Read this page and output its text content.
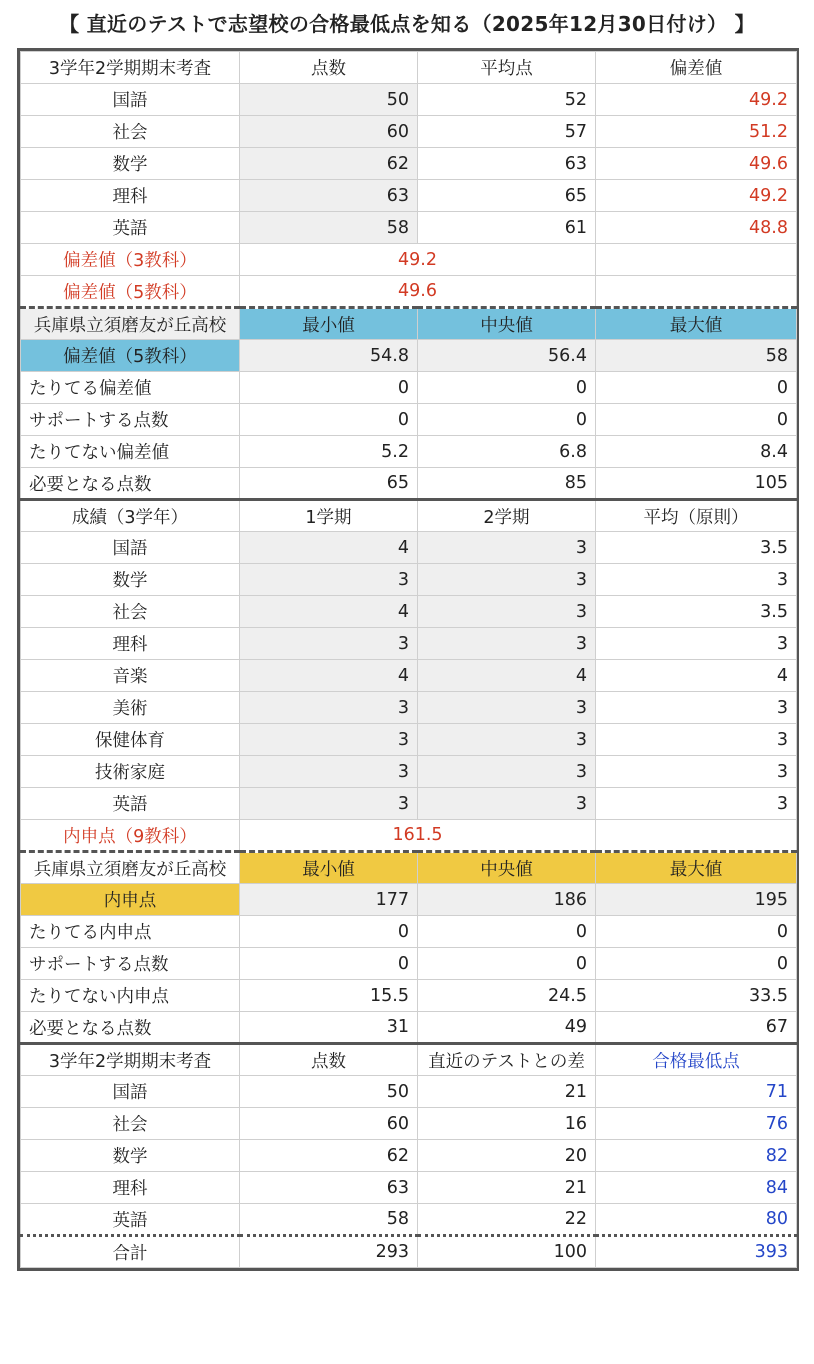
【 直近のテストで志望校の合格最低点を知る（2025年12月30日付け） 】
3学年2学期期末考査	点数	平均点	偏差値
国語	50	52	49.2
社会	60	57	51.2
数学	62	63	49.6
理科	63	65	49.2
英語	58	61	48.8
偏差値（3教科）	49.2		
偏差値（5教科）	49.6		
兵庫県立須磨友が丘高校	最小値	中央値	最大値
偏差値（5教科）	54.8	56.4	58
たりてる偏差値	0	0	0
サポートする点数	0	0	0
たりてない偏差値	5.2	6.8	8.4
必要となる点数	65	85	105
成績（3学年）	1学期	2学期	平均（原則）
国語	4	3	3.5
数学	3	3	3
社会	4	3	3.5
理科	3	3	3
音楽	4	4	4
美術	3	3	3
保健体育	3	3	3
技術家庭	3	3	3
英語	3	3	3
内申点（9教科）	161.5		
兵庫県立須磨友が丘高校	最小値	中央値	最大値
内申点	177	186	195
たりてる内申点	0	0	0
サポートする点数	0	0	0
たりてない内申点	15.5	24.5	33.5
必要となる点数	31	49	67
3学年2学期期末考査	点数	直近のテストとの差	合格最低点
国語	50	21	71
社会	60	16	76
数学	62	20	82
理科	63	21	84
英語	58	22	80
合計	293	100	393
